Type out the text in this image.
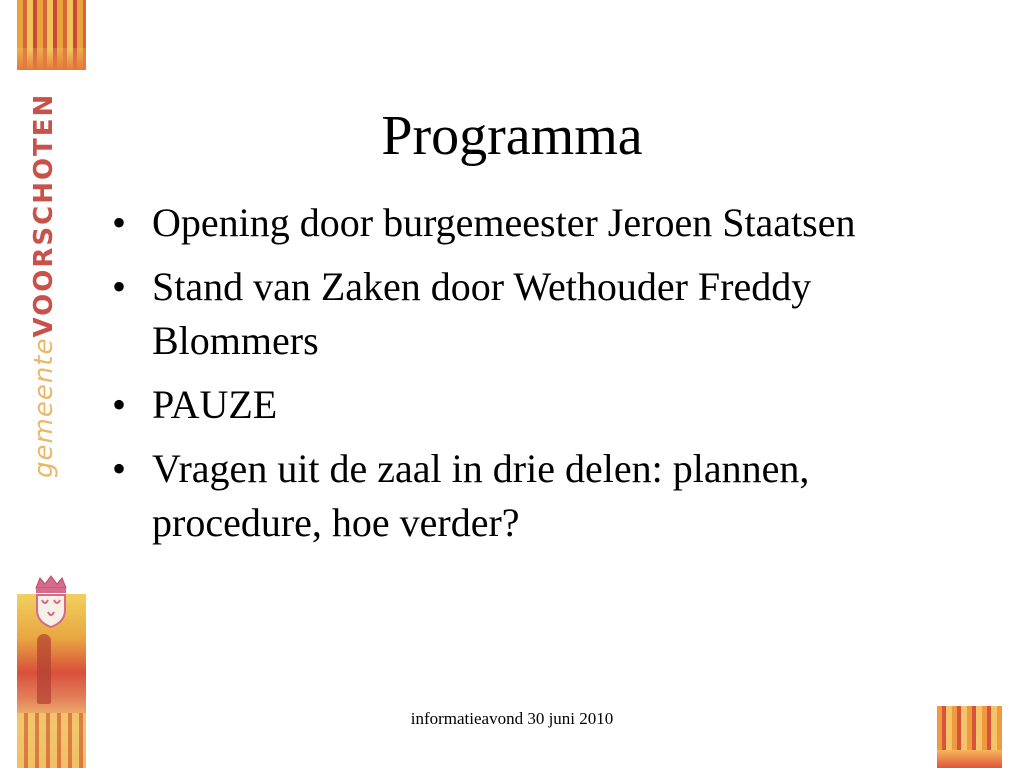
gemeenteVOORSCHOTEN	Programma
• Opening door burgemeester Jeroen Staatsen
• Stand van Zaken door Wethouder Freddy Blommers
• PAUZE
• Vragen uit de zaal in drie delen: plannen, procedure, hoe verder?
informatieavond 30 juni 2010
